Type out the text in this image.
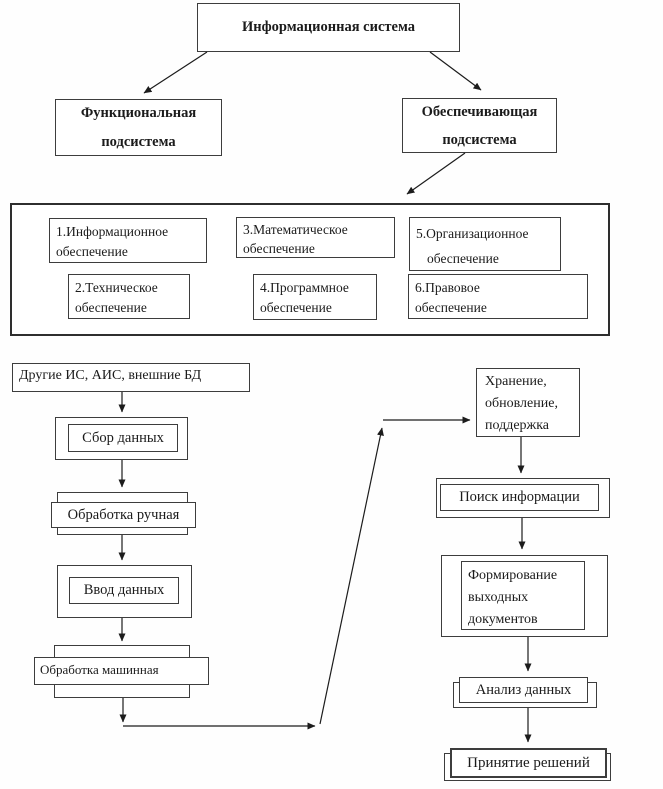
Информационная система
Функциональная
подсистема
Обеспечивающая
подсистема
1.Информационное
обеспечение
2.Техническое
обеспечение
3.Математическое
обеспечение
4.Программное
обеспечение
5.Организационное
обеспечение
6.Правовое
обеспечение
Другие ИС, АИС, внешние БД
Сбор данных
Обработка ручная
Ввод данных
Обработка машинная
Хранение,
обновление,
поддержка
Поиск информации
Формирование
выходных
документов
Анализ данных
Принятие решений
